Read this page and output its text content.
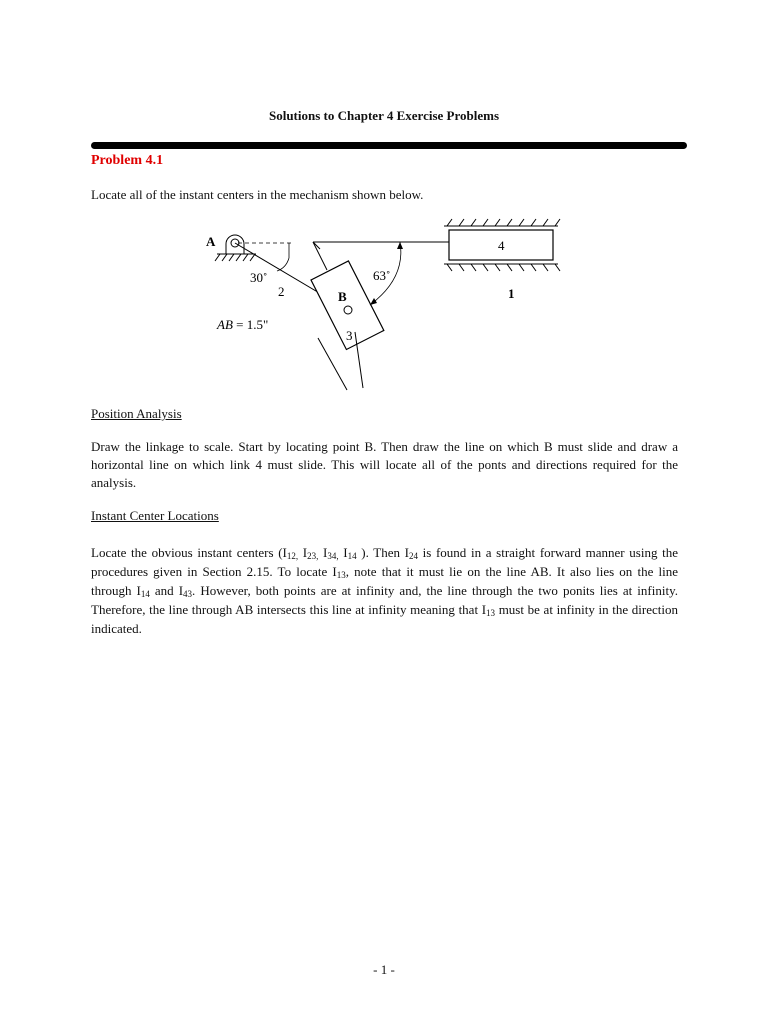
Solutions to Chapter 4 Exercise Problems
Problem 4.1
Locate all of the instant centers in the mechanism shown below.
A
30˚
2	B
63˚
1
3
4
AB = 1.5"
Position Analysis
Draw the linkage to scale. Start by locating point B. Then draw the line on which B must slide and draw a horizontal line on which link 4 must slide. This will locate all of the ponts and directions required for the analysis.
Instant Center Locations
Locate the obvious instant centers ($I_{12,}$ $I_{23,}$ $I_{34,}$ $I_{14}$ ). Then $I_{24}$ is found in a straight forward manner using the procedures given in Section 2.15. To locate $I_{13}$, note that it must lie on the line AB. It also lies on the line through $I_{14}$ and $I_{43}$. However, both points are at infinity and, the line through the two ponits lies at infinity. Therefore, the line through AB intersects this line at infinity meaning that $I_{13}$ must be at infinity in the direction indicated.
- 1 -
